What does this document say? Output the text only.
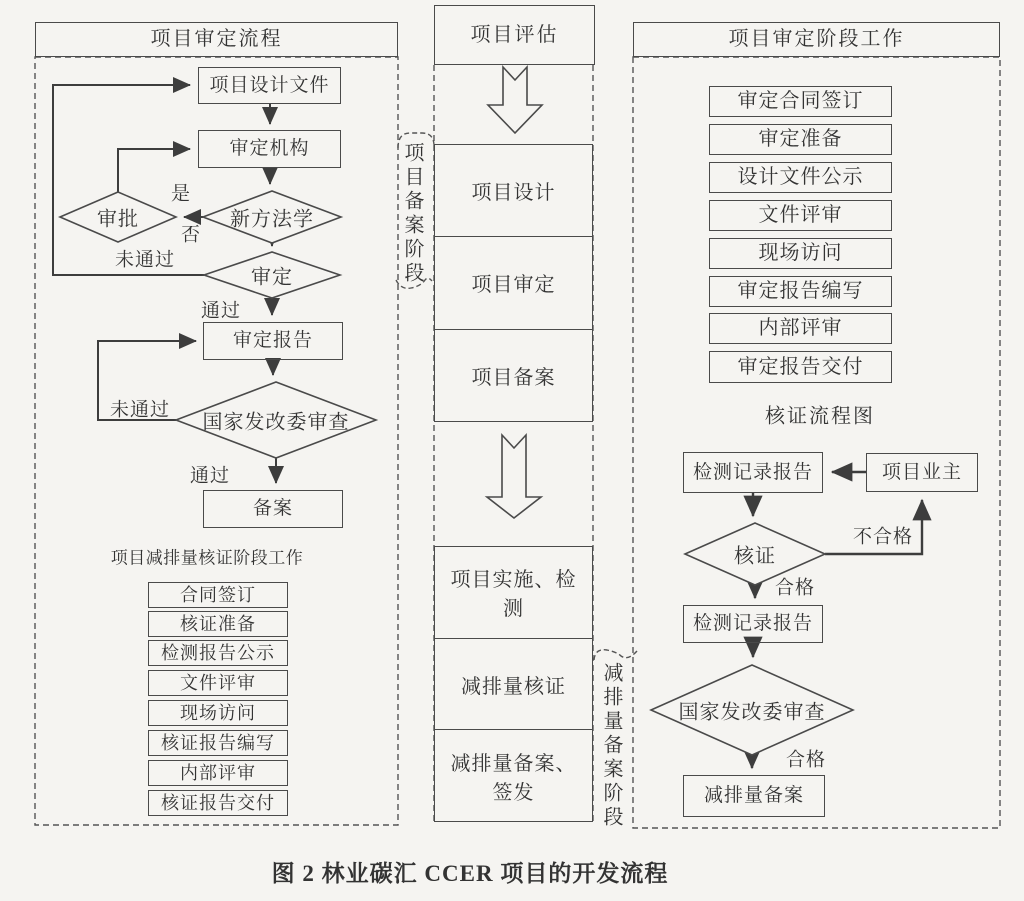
项目审定流程
项目设计文件
审定机构
审定报告
备案
审批	新方法学
审定
国家发改委审查
是
否
未通过
通过
未通过
通过
项目减排量核证阶段工作
合同签订
核证准备
检测报告公示
文件评审
现场访问
核证报告编写
内部评审
核证报告交付
项目评估
项目备案阶段	项目设计
项目审定
项目备案
项目实施、检测
减排量核证
减排量备案、签发	减排量备案阶段
项目审定阶段工作
审定合同签订
审定准备
设计文件公示
文件评审
现场访问
审定报告编写
内部评审
审定报告交付
核证流程图
检测记录报告	项目业主
检测记录报告
减排量备案
核证
国家发改委审查
不合格
合格
合格
图 2 林业碳汇 CCER 项目的开发流程
